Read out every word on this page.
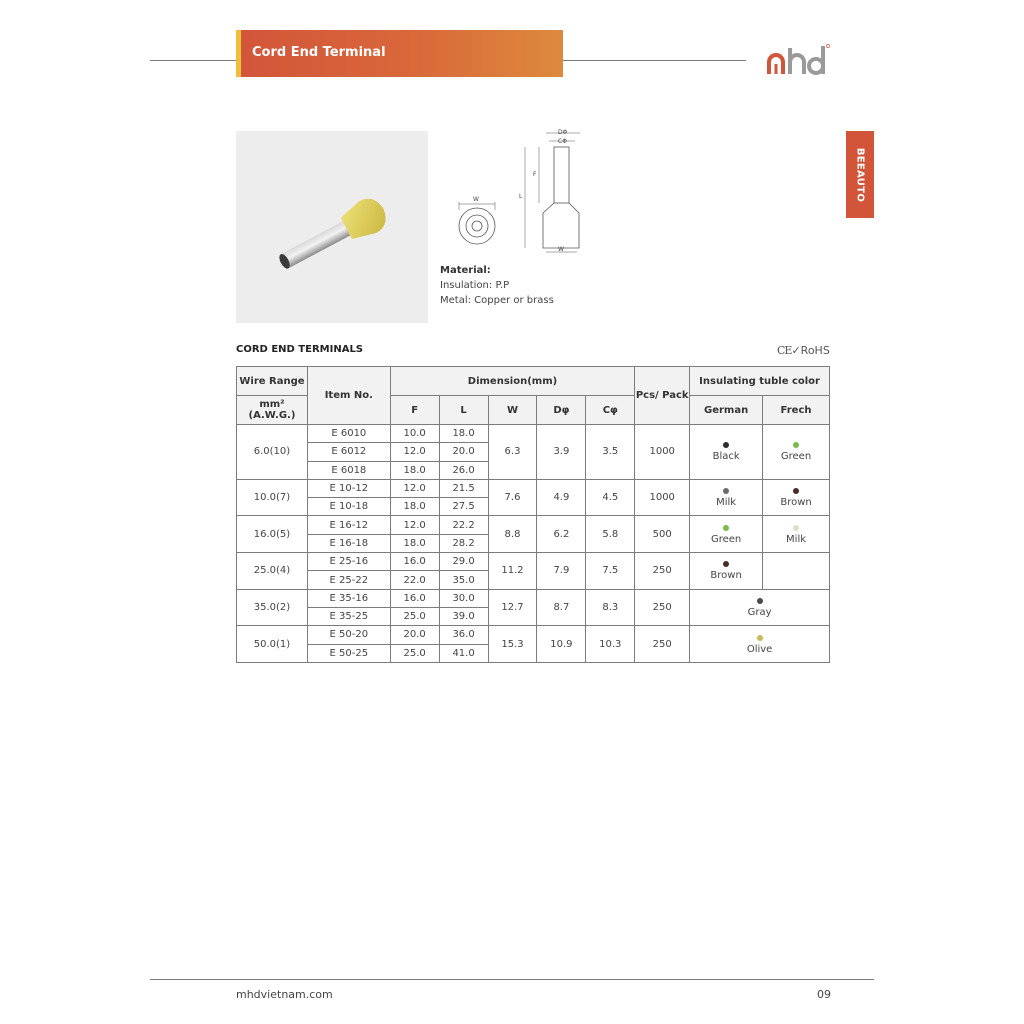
Cord End Terminal
BEEAUTO
W
DΦ
CΦ
F
L
W
Material:
Insulation: P.P
Metal: Copper or brass
CORD END TERMINALS	CE✓RoHS
Wire Range	Item No.	Dimension(mm)					Pcs/ Pack	Insulating tuble color	
mm²
(A.W.G.)		F	L	W	Dφ	Cφ		German	Frech
6.0(10)	E 6010	10.0	18.0	6.3	3.9	3.5	1000	Black	Green
	E 6012	12.0	20.0						
	E 6018	18.0	26.0						
10.0(7)	E 10-12	12.0	21.5	7.6	4.9	4.5	1000	Milk	Brown
	E 10-18	18.0	27.5						
16.0(5)	E 16-12	12.0	22.2	8.8	6.2	5.8	500	Green	Milk
	E 16-18	18.0	28.2						
25.0(4)	E 25-16	16.0	29.0	11.2	7.9	7.5	250	Brown	
	E 25-22	22.0	35.0						
35.0(2)	E 35-16	16.0	30.0	12.7	8.7	8.3	250	Gray	
	E 35-25	25.0	39.0						
50.0(1)	E 50-20	20.0	36.0	15.3	10.9	10.3	250	Olive	
	E 50-25	25.0	41.0						
mhdvietnam.com	09
